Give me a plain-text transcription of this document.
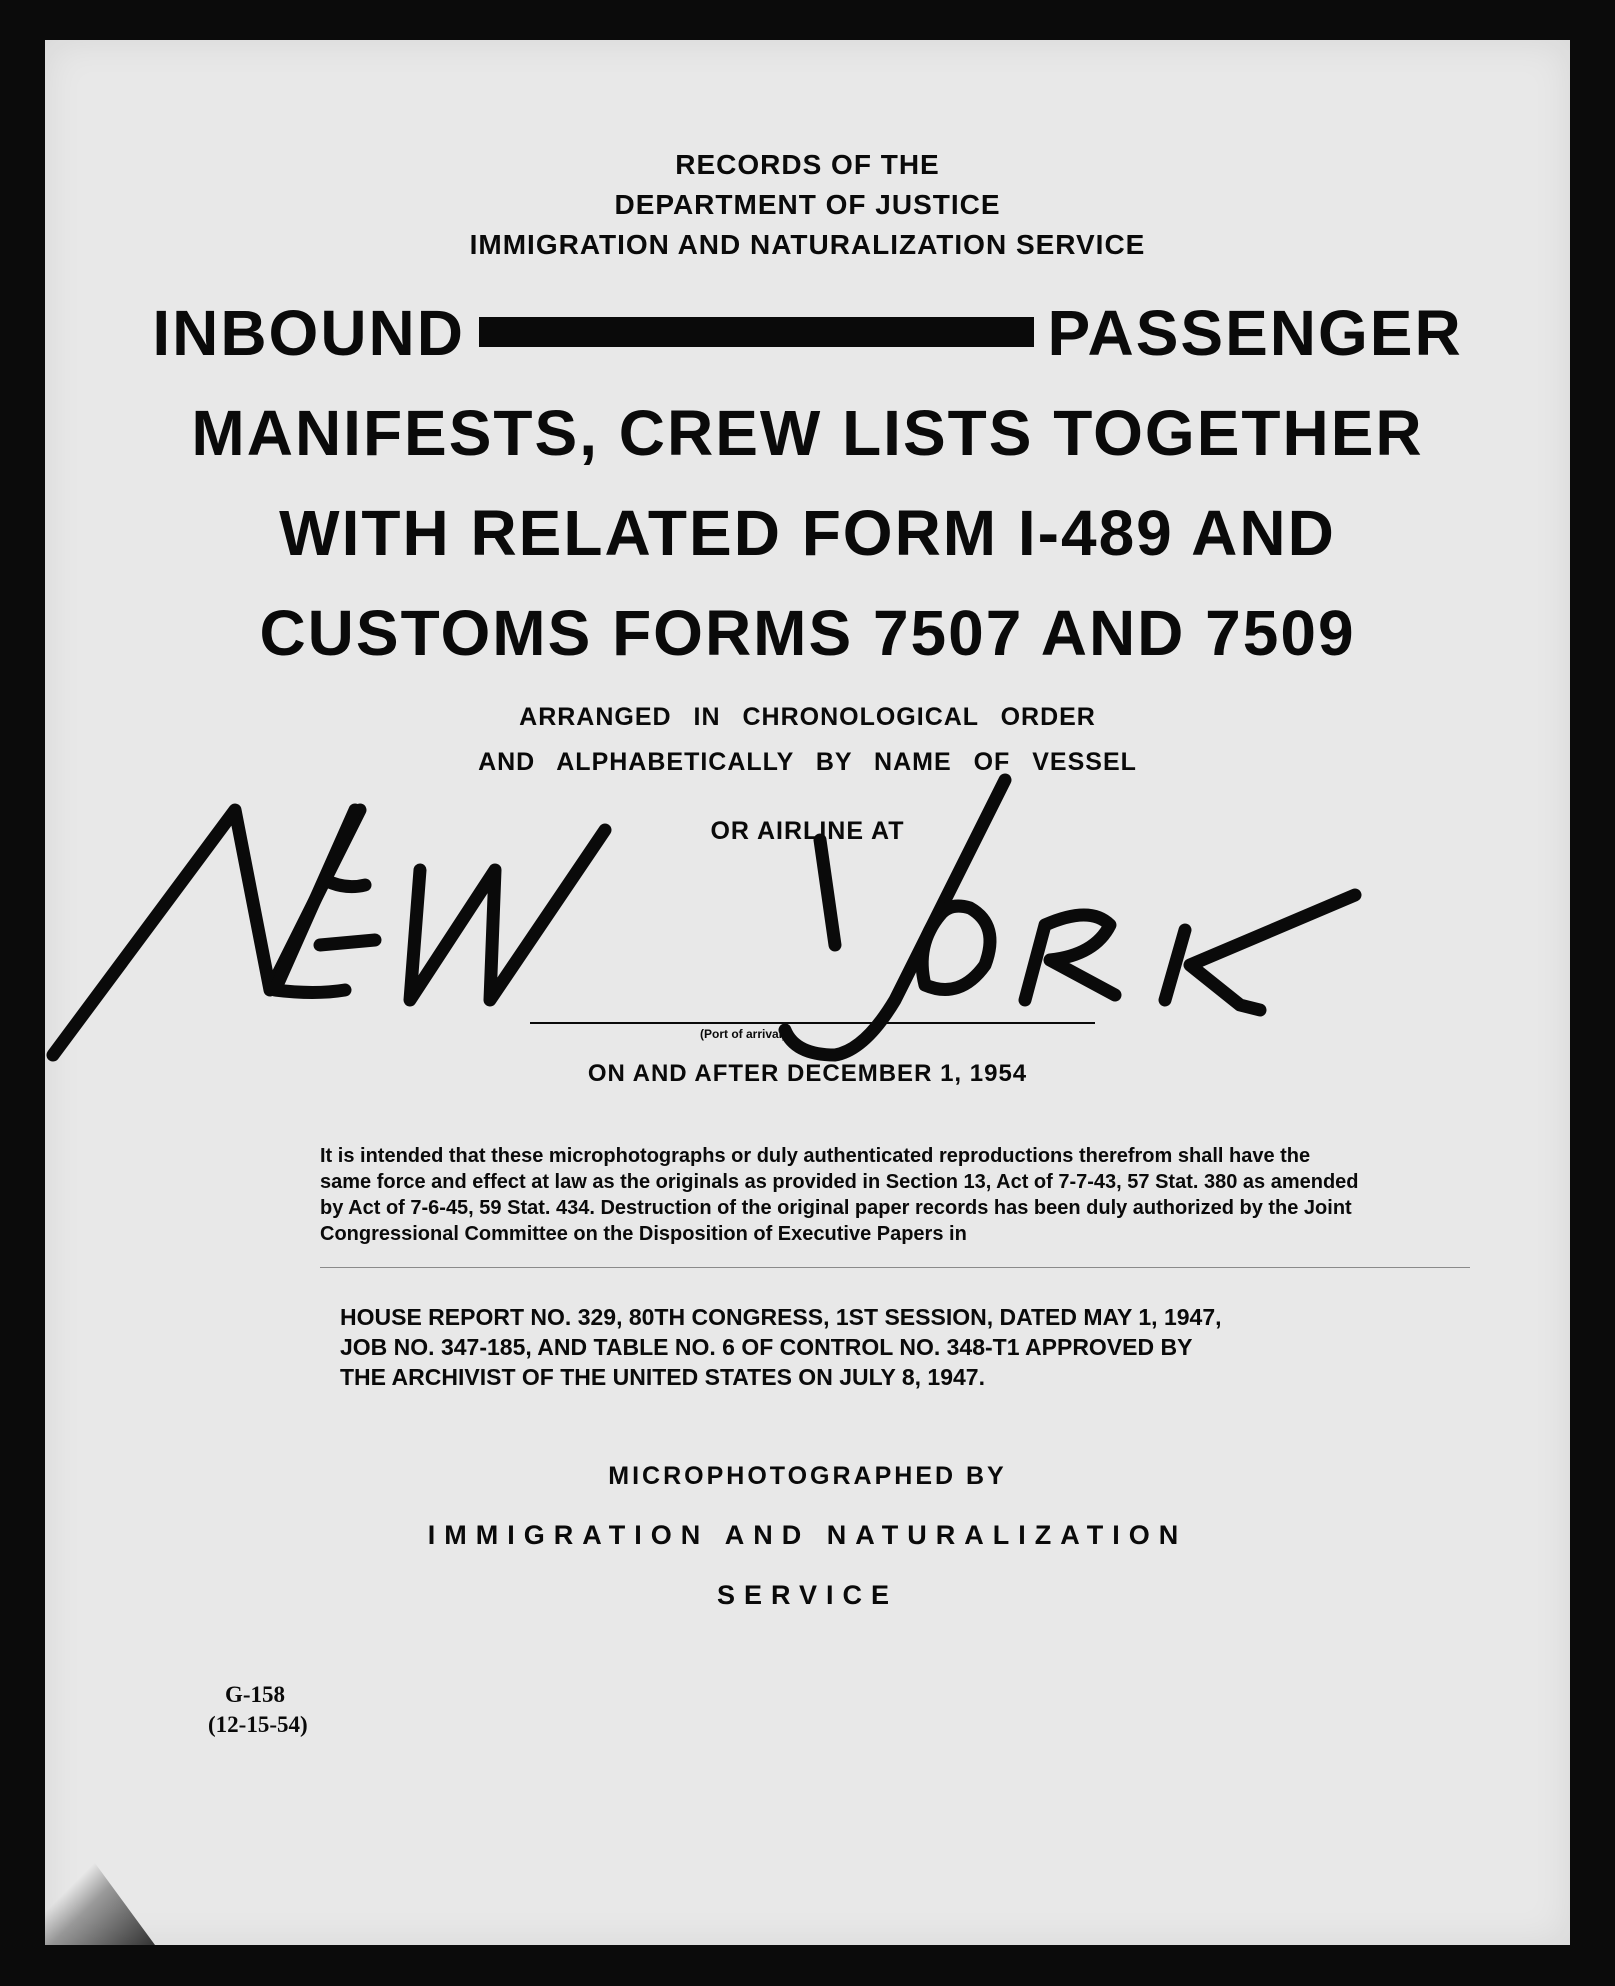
RECORDS OF THE
DEPARTMENT OF JUSTICE
IMMIGRATION AND NATURALIZATION SERVICE
INBOUND	PASSENGER
MANIFESTS, CREW LISTS TOGETHER
WITH RELATED FORM I-489 AND
CUSTOMS FORMS 7507 AND 7509
ARRANGED IN CHRONOLOGICAL ORDER
AND ALPHABETICALLY BY NAME OF VESSEL
OR AIRLINE AT
(Port of arrival)
ON AND AFTER DECEMBER 1, 1954
It is intended that these microphotographs or duly authenticated reproductions therefrom shall have the same force and effect at law as the originals as provided in Section 13, Act of 7-7-43, 57 Stat. 380 as amended by Act of 7-6-45, 59 Stat. 434. Destruction of the original paper records has been duly authorized by the Joint Congressional Committee on the Disposition of Executive Papers in
HOUSE REPORT NO. 329, 80TH CONGRESS, 1ST SESSION, DATED MAY 1, 1947,
JOB NO. 347-185, AND TABLE NO. 6 OF CONTROL NO. 348-T1 APPROVED BY
THE ARCHIVIST OF THE UNITED STATES ON JULY 8, 1947.
MICROPHOTOGRAPHED BY
IMMIGRATION AND NATURALIZATION
SERVICE
G-158
(12-15-54)
